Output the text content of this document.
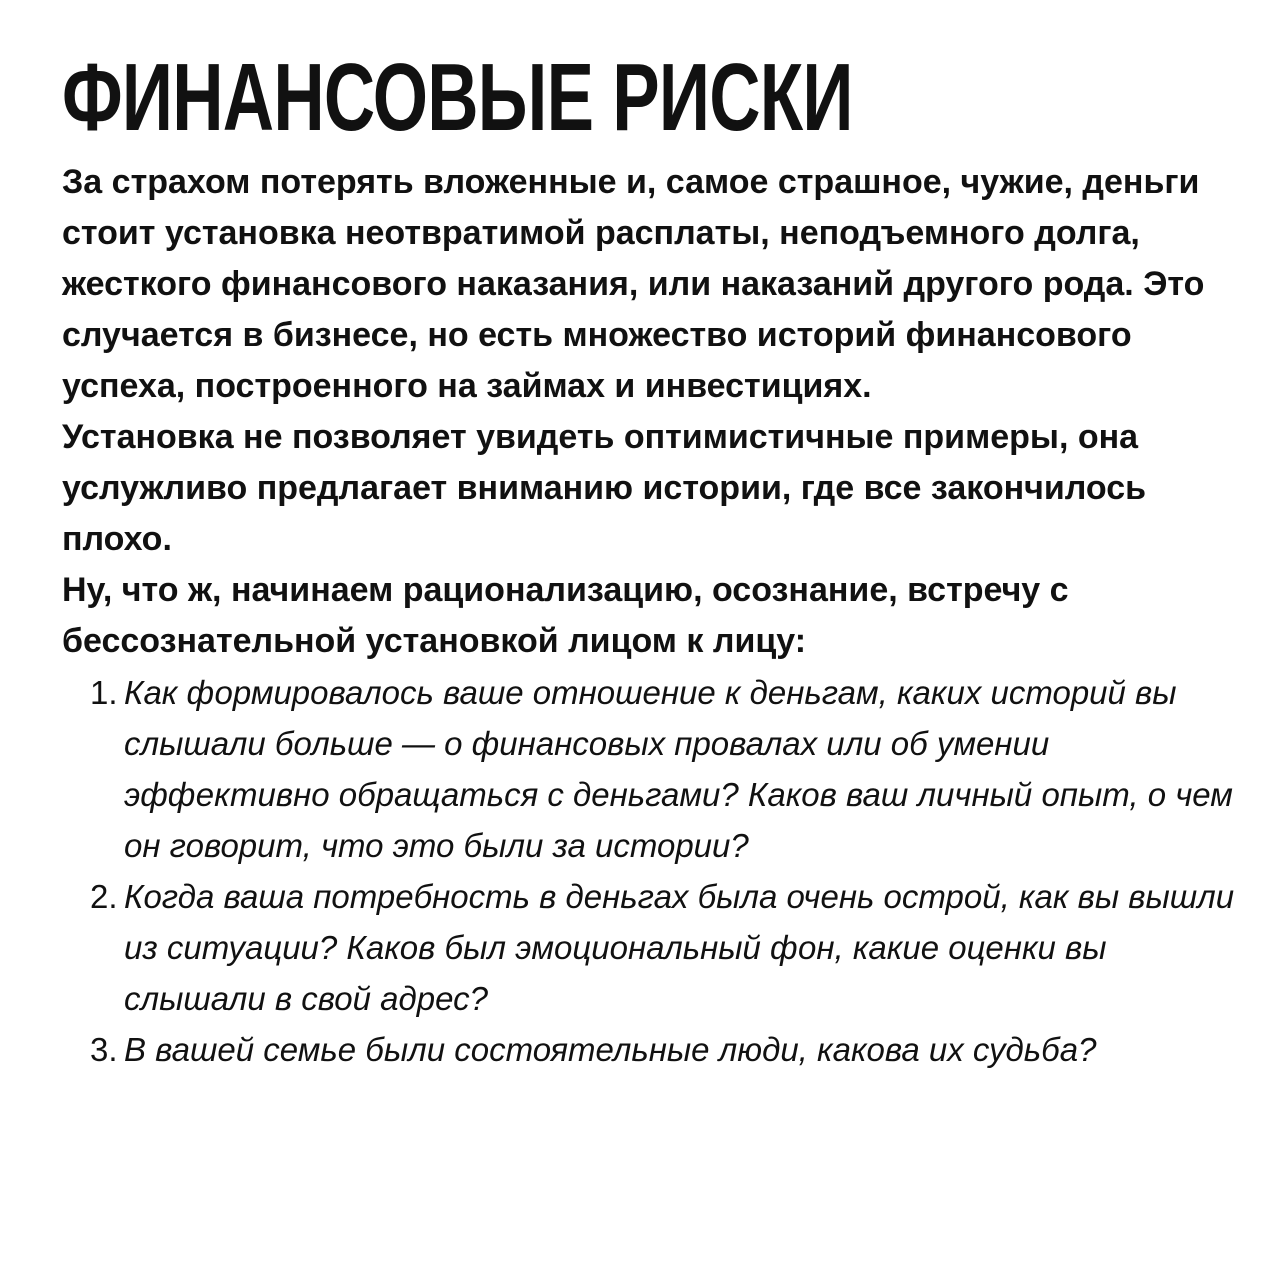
ФИНАНСОВЫЕ РИСКИ

За страхом потерять вложенные и, самое страшное, чужие, деньги стоит установка неотвратимой расплаты, неподъемного долга, жесткого финансового наказания, или наказаний другого рода. Это случается в бизнесе, но есть множество историй финансового успеха, построенного на займах и инвестициях.

Установка не позволяет увидеть оптимистичные примеры, она услужливо предлагает вниманию истории, где все закончилось плохо.

Ну, что ж, начинаем рационализацию, осознание, встречу с бессознательной установкой лицом к лицу:

1. Как формировалось ваше отношение к деньгам, каких историй вы слышали больше — о финансовых провалах или об умении эффективно обращаться с деньгами? Каков ваш личный опыт, о чем он говорит, что это были за истории?
2. Когда ваша потребность в деньгах была очень острой, как вы вышли из ситуации? Каков был эмоциональный фон, какие оценки вы слышали в свой адрес?
3. В вашей семье были состоятельные люди, какова их судьба?
